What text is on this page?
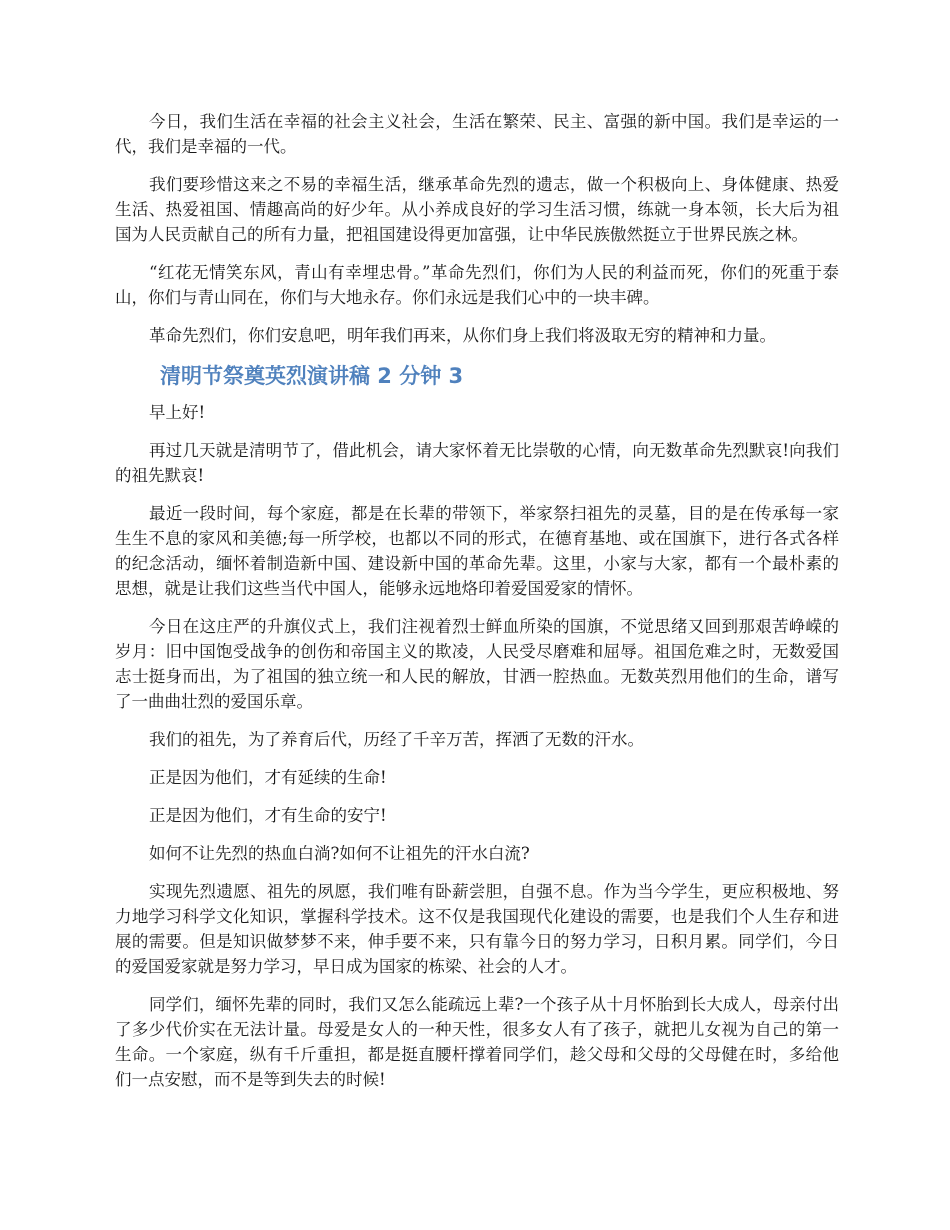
今日，我们生活在幸福的社会主义社会，生活在繁荣、民主、富强的新中国。我们是幸运的一代，我们是幸福的一代。

我们要珍惜这来之不易的幸福生活，继承革命先烈的遗志，做一个积极向上、身体健康、热爱生活、热爱祖国、情趣高尚的好少年。从小养成良好的学习生活习惯，练就一身本领，长大后为祖国为人民贡献自己的所有力量，把祖国建设得更加富强，让中华民族傲然挺立于世界民族之林。

“红花无情笑东风，青山有幸埋忠骨。”革命先烈们，你们为人民的利益而死，你们的死重于泰山，你们与青山同在，你们与大地永存。你们永远是我们心中的一块丰碑。

革命先烈们，你们安息吧，明年我们再来，从你们身上我们将汲取无穷的精神和力量。

清明节祭奠英烈演讲稿 2 分钟 3

早上好!

再过几天就是清明节了，借此机会，请大家怀着无比崇敬的心情，向无数革命先烈默哀!向我们的祖先默哀!

最近一段时间，每个家庭，都是在长辈的带领下，举家祭扫祖先的灵墓，目的是在传承每一家生生不息的家风和美德;每一所学校，也都以不同的形式，在德育基地、或在国旗下，进行各式各样的纪念活动，缅怀着制造新中国、建设新中国的革命先辈。这里，小家与大家，都有一个最朴素的思想，就是让我们这些当代中国人，能够永远地烙印着爱国爱家的情怀。

今日在这庄严的升旗仪式上，我们注视着烈士鲜血所染的国旗，不觉思绪又回到那艰苦峥嵘的岁月：旧中国饱受战争的创伤和帝国主义的欺凌，人民受尽磨难和屈辱。祖国危难之时，无数爱国志士挺身而出，为了祖国的独立统一和人民的解放，甘洒一腔热血。无数英烈用他们的生命，谱写了一曲曲壮烈的爱国乐章。

我们的祖先，为了养育后代，历经了千辛万苦，挥洒了无数的汗水。

正是因为他们，才有延续的生命!

正是因为他们，才有生命的安宁!

如何不让先烈的热血白淌?如何不让祖先的汗水白流?

实现先烈遗愿、祖先的夙愿，我们唯有卧薪尝胆，自强不息。作为当今学生，更应积极地、努力地学习科学文化知识，掌握科学技术。这不仅是我国现代化建设的需要，也是我们个人生存和进展的需要。但是知识做梦梦不来，伸手要不来，只有靠今日的努力学习，日积月累。同学们，今日的爱国爱家就是努力学习，早日成为国家的栋梁、社会的人才。

同学们，缅怀先辈的同时，我们又怎么能疏远上辈?一个孩子从十月怀胎到长大成人，母亲付出了多少代价实在无法计量。母爱是女人的一种天性，很多女人有了孩子，就把儿女视为自己的第一生命。一个家庭，纵有千斤重担，都是挺直腰杆撑着同学们，趁父母和父母的父母健在时，多给他们一点安慰，而不是等到失去的时候!
